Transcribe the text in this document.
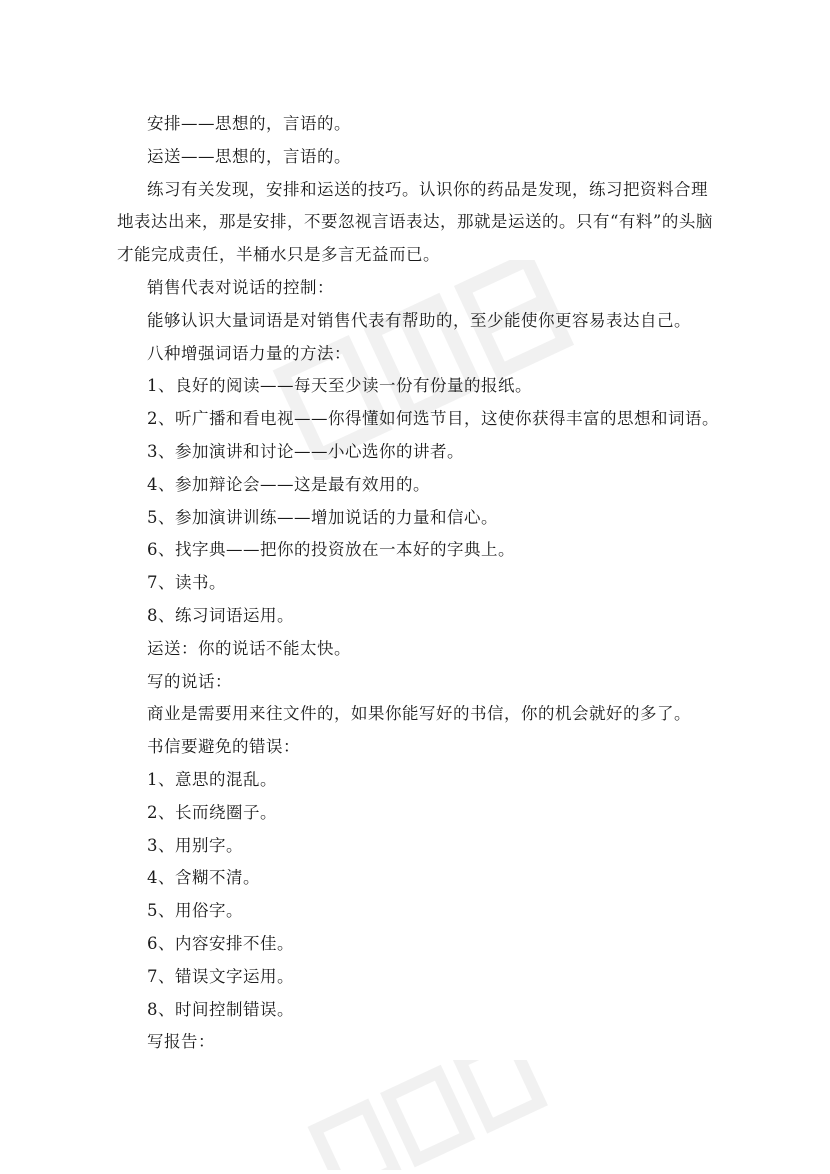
安排——思想的，言语的。
运送——思想的，言语的。
练习有关发现，安排和运送的技巧。认识你的药品是发现，练习把资料合理地表达出来，那是安排，不要忽视言语表达，那就是运送的。只有“有料”的头脑才能完成责任，半桶水只是多言无益而已。
销售代表对说话的控制：
能够认识大量词语是对销售代表有帮助的，至少能使你更容易表达自己。
八种增强词语力量的方法：
1、良好的阅读——每天至少读一份有份量的报纸。
2、听广播和看电视——你得懂如何选节目，这使你获得丰富的思想和词语。
3、参加演讲和讨论——小心选你的讲者。
4、参加辩论会——这是最有效用的。
5、参加演讲训练——增加说话的力量和信心。
6、找字典——把你的投资放在一本好的字典上。
7、读书。
8、练习词语运用。
运送：你的说话不能太快。
写的说话：
商业是需要用来往文件的，如果你能写好的书信，你的机会就好的多了。
书信要避免的错误：
1、意思的混乱。
2、长而绕圈子。
3、用别字。
4、含糊不清。
5、用俗字。
6、内容安排不佳。
7、错误文字运用。
8、时间控制错误。
写报告：
